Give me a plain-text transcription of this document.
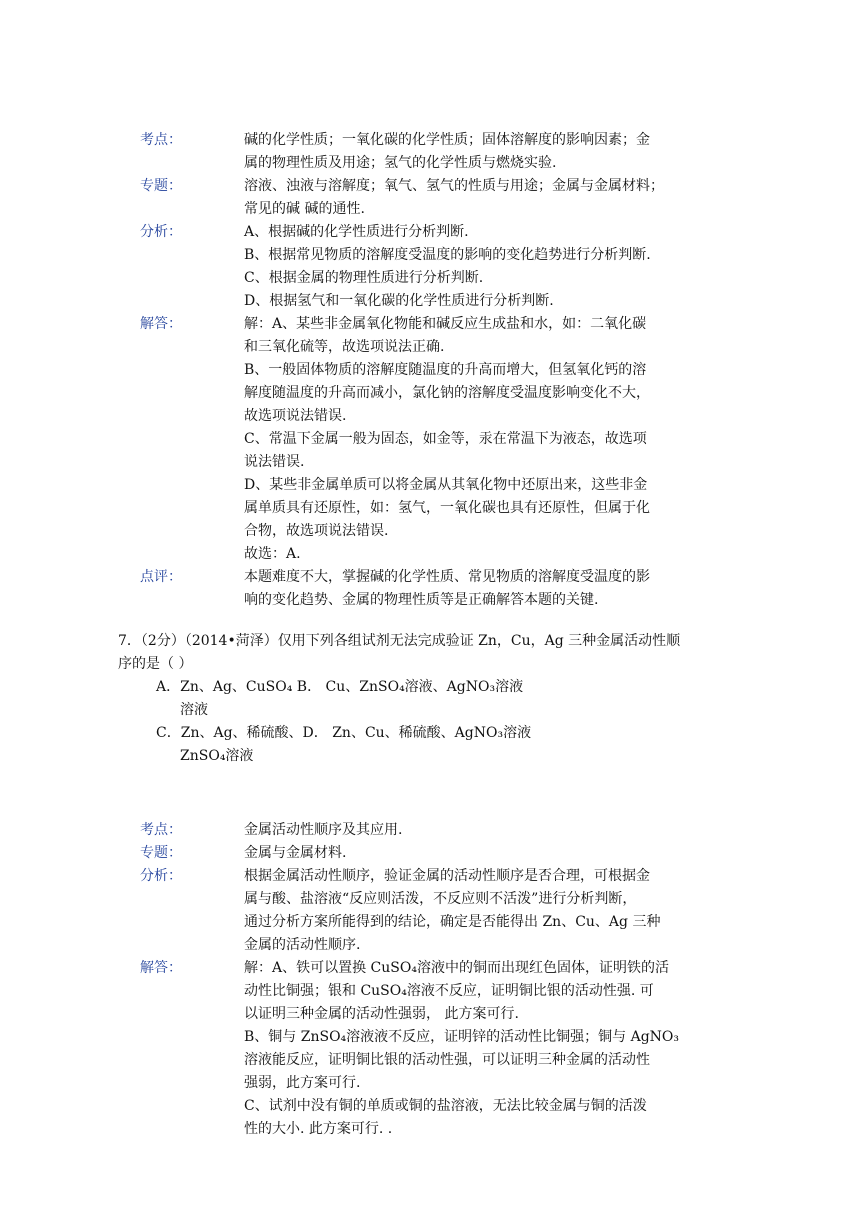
考点：	碱的化学性质；一氧化碳的化学性质；固体溶解度的影响因素；金
属的物理性质及用途；氢气的化学性质与燃烧实验.
专题：	溶液、浊液与溶解度；氧气、氢气的性质与用途；金属与金属材料；
常见的碱 碱的通性.
分析：	A、根据碱的化学性质进行分析判断.
B、根据常见物质的溶解度受温度的影响的变化趋势进行分析判断.
C、根据金属的物理性质进行分析判断.
D、根据氢气和一氧化碳的化学性质进行分析判断.
解答：	解：A、某些非金属氧化物能和碱反应生成盐和水，如：二氧化碳
和三氧化硫等，故选项说法正确.
B、一般固体物质的溶解度随温度的升高而增大，但氢氧化钙的溶
解度随温度的升高而减小，氯化钠的溶解度受温度影响变化不大，
故选项说法错误.
C、常温下金属一般为固态，如金等，汞在常温下为液态，故选项
说法错误.
D、某些非金属单质可以将金属从其氧化物中还原出来，这些非金
属单质具有还原性，如：氢气，一氧化碳也具有还原性，但属于化
合物，故选项说法错误.
故选：A.
点评：	本题难度不大，掌握碱的化学性质、常见物质的溶解度受温度的影
响的变化趋势、金属的物理性质等是正确解答本题的关键.
7．（2分）（2014•菏泽）仅用下列各组试剂无法完成验证 Zn，Cu，Ag 三种金属活动性顺
序的是（ ）
A．Zn、Ag、CuSO₄ B． Cu、ZnSO₄溶液、AgNO₃溶液
溶液
C．Zn、Ag、稀硫酸、D． Zn、Cu、稀硫酸、AgNO₃溶液
ZnSO₄溶液
考点：	金属活动性顺序及其应用.
专题：	金属与金属材料.
分析：	根据金属活动性顺序，验证金属的活动性顺序是否合理，可根据金
属与酸、盐溶液“反应则活泼，不反应则不活泼”进行分析判断，
通过分析方案所能得到的结论，确定是否能得出 Zn、Cu、Ag 三种
金属的活动性顺序.
解答：	解：A、铁可以置换 CuSO₄溶液中的铜而出现红色固体，证明铁的活
动性比铜强；银和 CuSO₄溶液不反应，证明铜比银的活动性强. 可
以证明三种金属的活动性强弱， 此方案可行.
B、铜与 ZnSO₄溶液液不反应，证明锌的活动性比铜强；铜与 AgNO₃
溶液能反应，证明铜比银的活动性强，可以证明三种金属的活动性
强弱，此方案可行.
C、试剂中没有铜的单质或铜的盐溶液，无法比较金属与铜的活泼
性的大小. 此方案可行. .
